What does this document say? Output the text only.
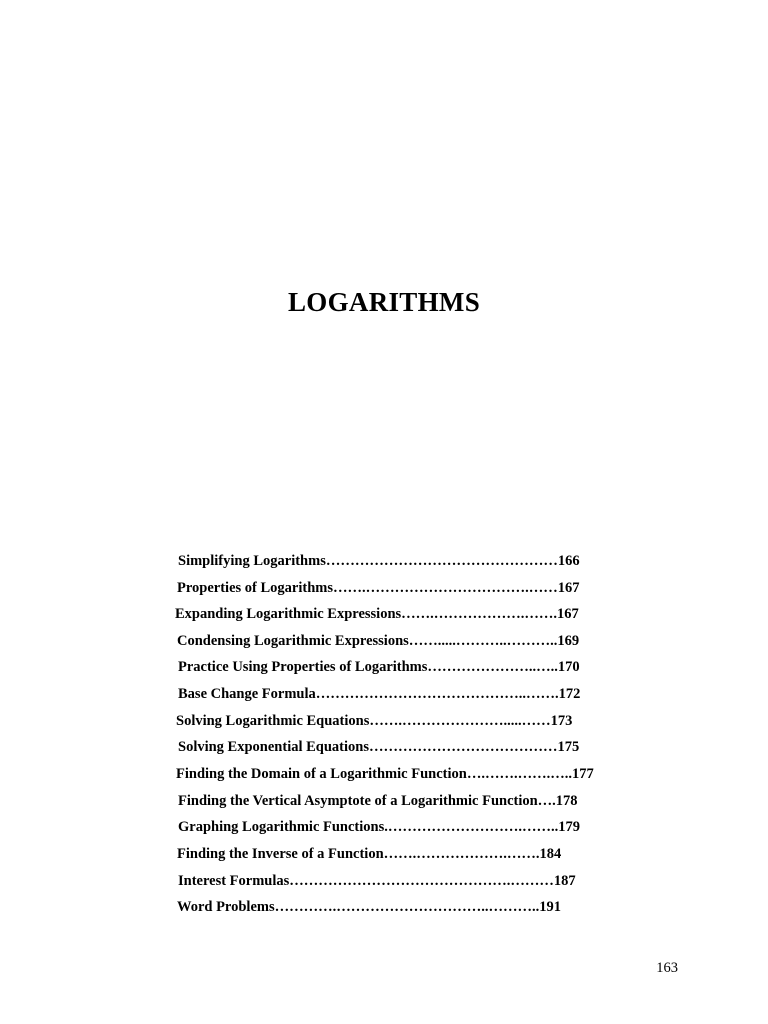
LOGARITHMS
Simplifying Logarithms…………………………………………166
Properties of Logarithms…….…………………………….……167
Expanding Logarithmic Expressions…….……………….…….167
Condensing Logarithmic Expressions…….....………..………..169
Practice Using Properties of Logarithms…………………..…..170
Base Change Formula……………………………………..…….172
Solving Logarithmic Equations…….………………….....……173
Solving Exponential Equations…………………………………175
Finding the Domain of a Logarithmic Function….…….…….…..177
Finding the Vertical Asymptote of a Logarithmic Function….178
Graphing Logarithmic Functions.……………………….……..179
Finding the Inverse of a Function…….……………….…….184
Interest Formulas……………………………………….………187
Word Problems………….…………………………..………..191
163
